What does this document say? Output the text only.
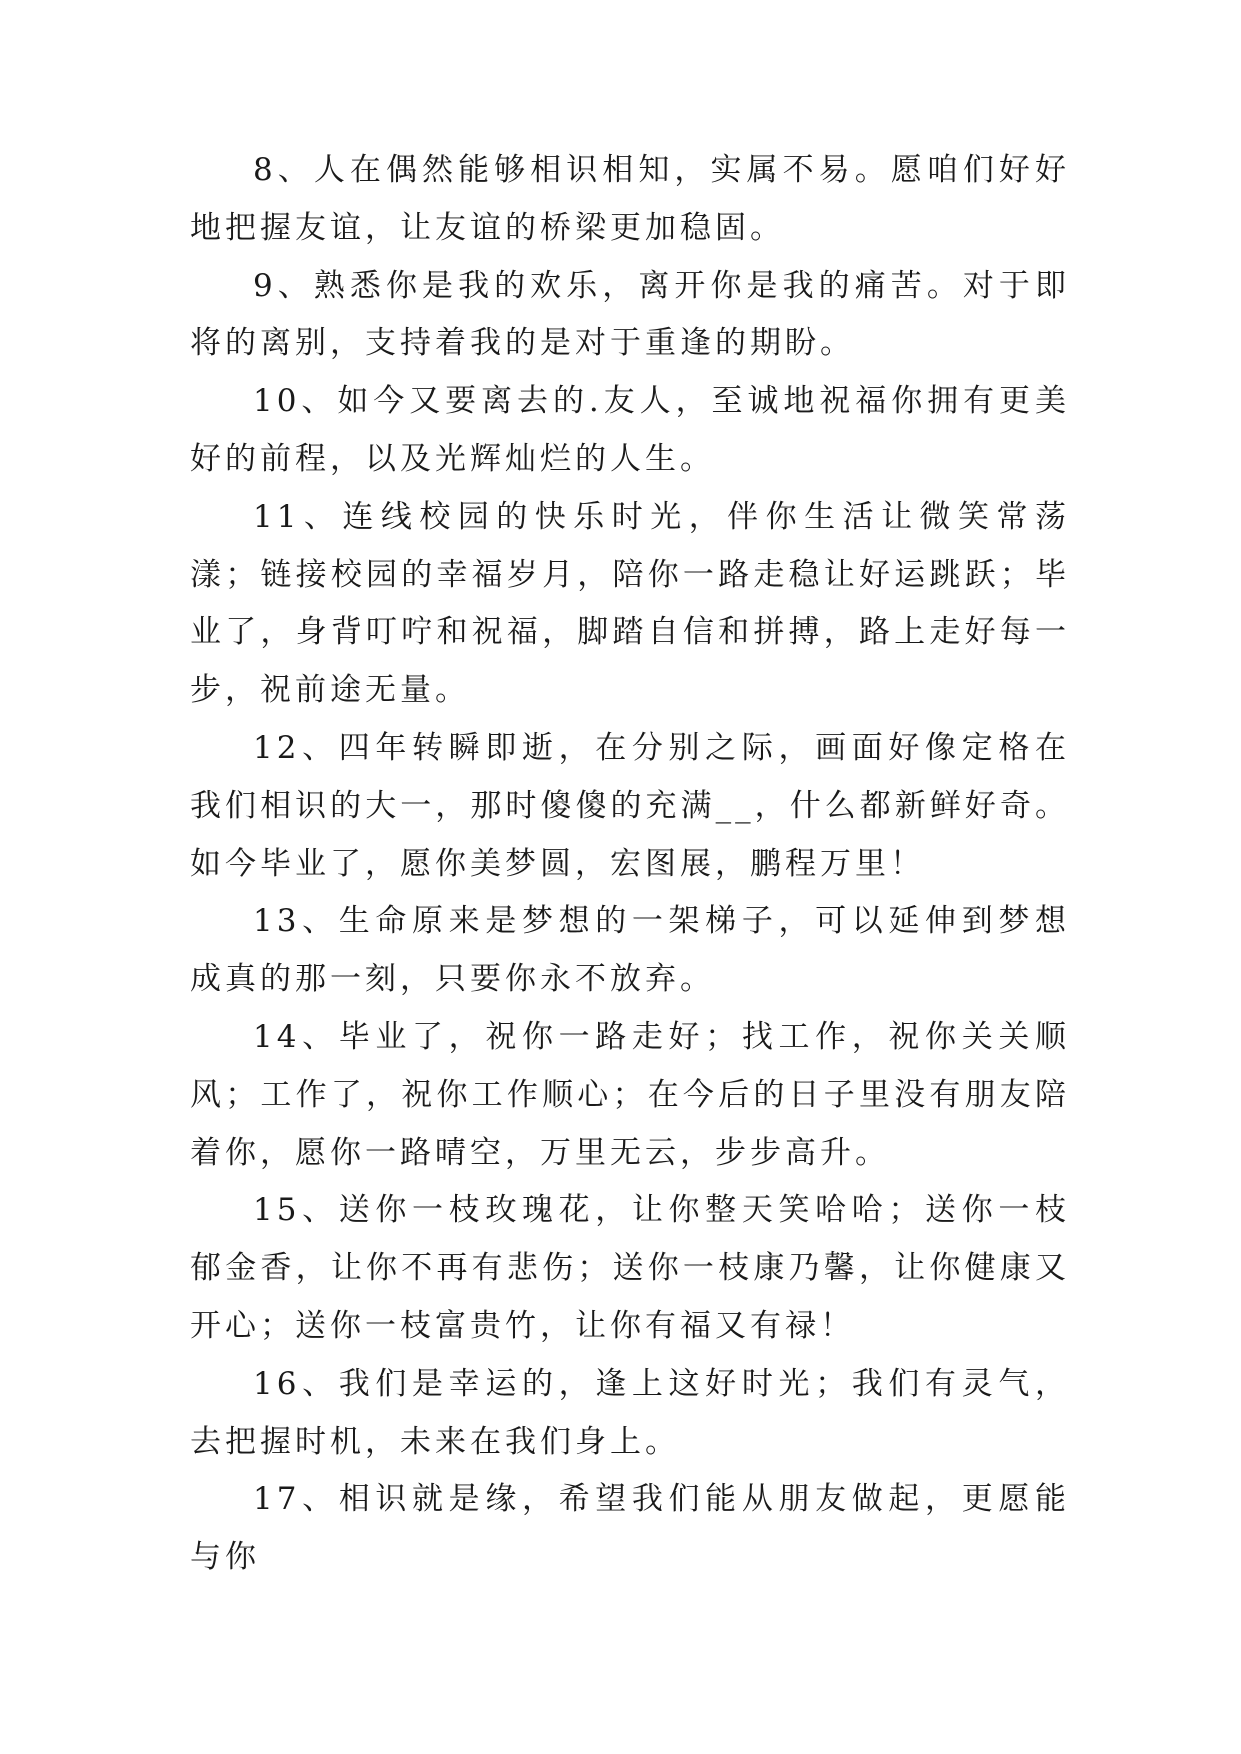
8、人在偶然能够相识相知，实属不易。愿咱们好好地把握友谊，让友谊的桥梁更加稳固。

9、熟悉你是我的欢乐，离开你是我的痛苦。对于即将的离别，支持着我的是对于重逢的期盼。

10、如今又要离去的.友人，至诚地祝福你拥有更美好的前程，以及光辉灿烂的人生。

11、连线校园的快乐时光，伴你生活让微笑常荡漾；链接校园的幸福岁月，陪你一路走稳让好运跳跃；毕业了，身背叮咛和祝福，脚踏自信和拼搏，路上走好每一步，祝前途无量。

12、四年转瞬即逝，在分别之际，画面好像定格在我们相识的大一，那时傻傻的充满__，什么都新鲜好奇。如今毕业了，愿你美梦圆，宏图展，鹏程万里！

13、生命原来是梦想的一架梯子，可以延伸到梦想成真的那一刻，只要你永不放弃。

14、毕业了，祝你一路走好；找工作，祝你关关顺风；工作了，祝你工作顺心；在今后的日子里没有朋友陪着你，愿你一路晴空，万里无云，步步高升。

15、送你一枝玫瑰花，让你整天笑哈哈；送你一枝郁金香，让你不再有悲伤；送你一枝康乃馨，让你健康又开心；送你一枝富贵竹，让你有福又有禄！

16、我们是幸运的，逢上这好时光；我们有灵气，去把握时机，未来在我们身上。

17、相识就是缘，希望我们能从朋友做起，更愿能与你
